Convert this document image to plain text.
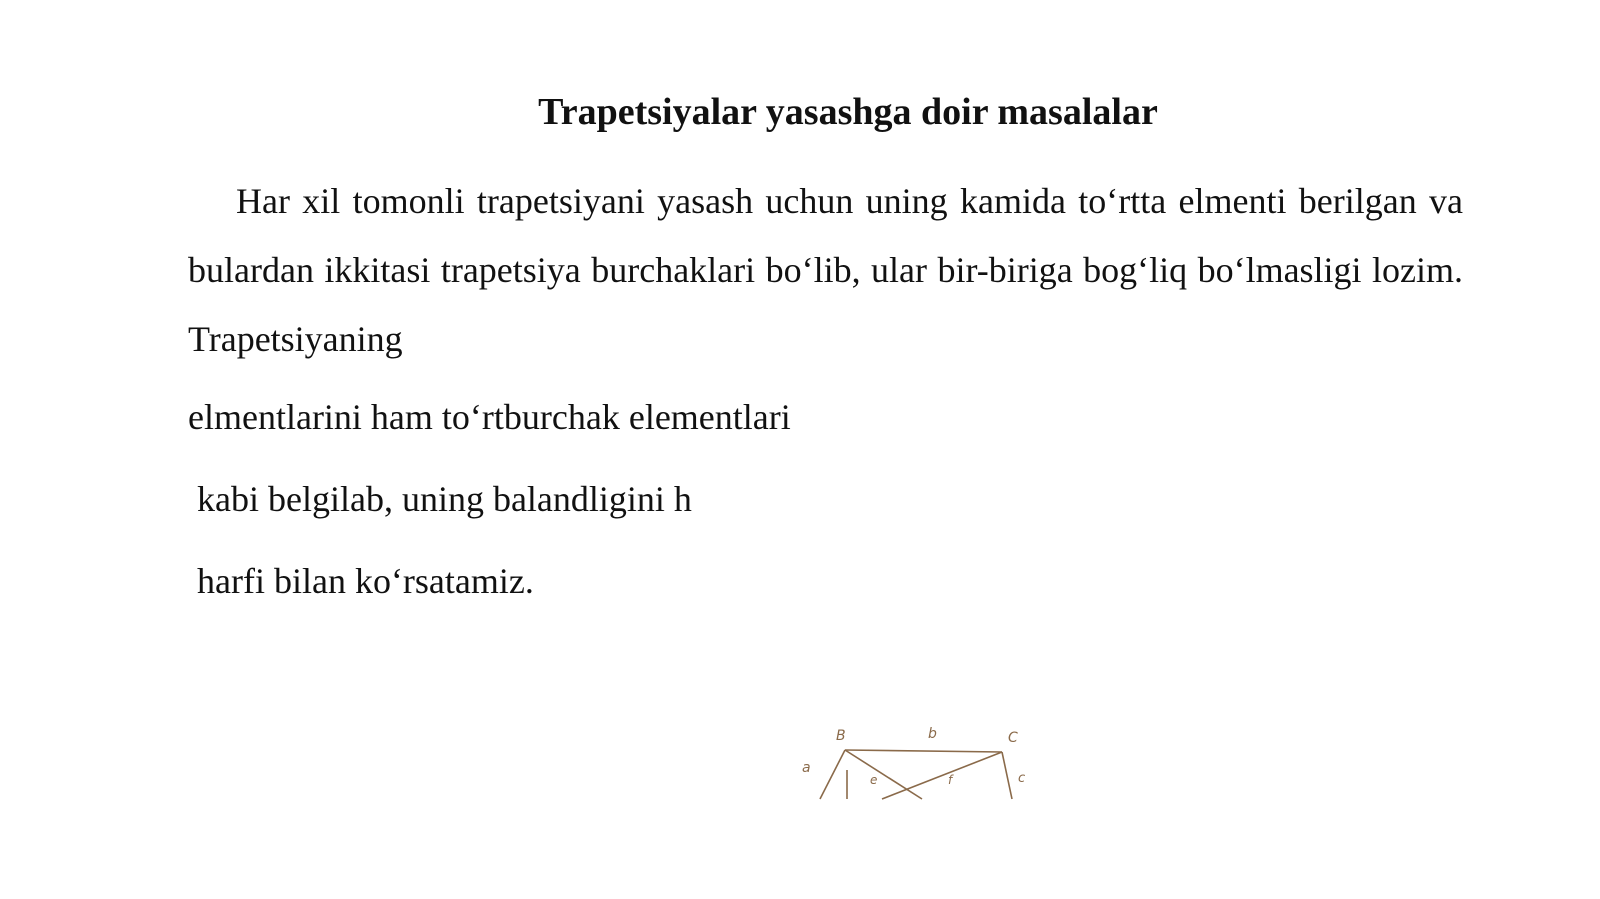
Trapetsiyalar yasashga doir masalalar
Har xil tomonli trapetsiyani yasash uchun uning kamida to‘rtta elmenti berilgan va bulardan ikkitasi trapetsiya burchaklari bo‘lib, ular bir-biriga bog‘liq bo‘lmasligi lozim. Trapetsiyaning
elmentlarini ham to‘rtburchak elementlari
kabi belgilab, uning balandligini h
harfi bilan ko‘rsatamiz.
B	b	C
a
e	f	c
